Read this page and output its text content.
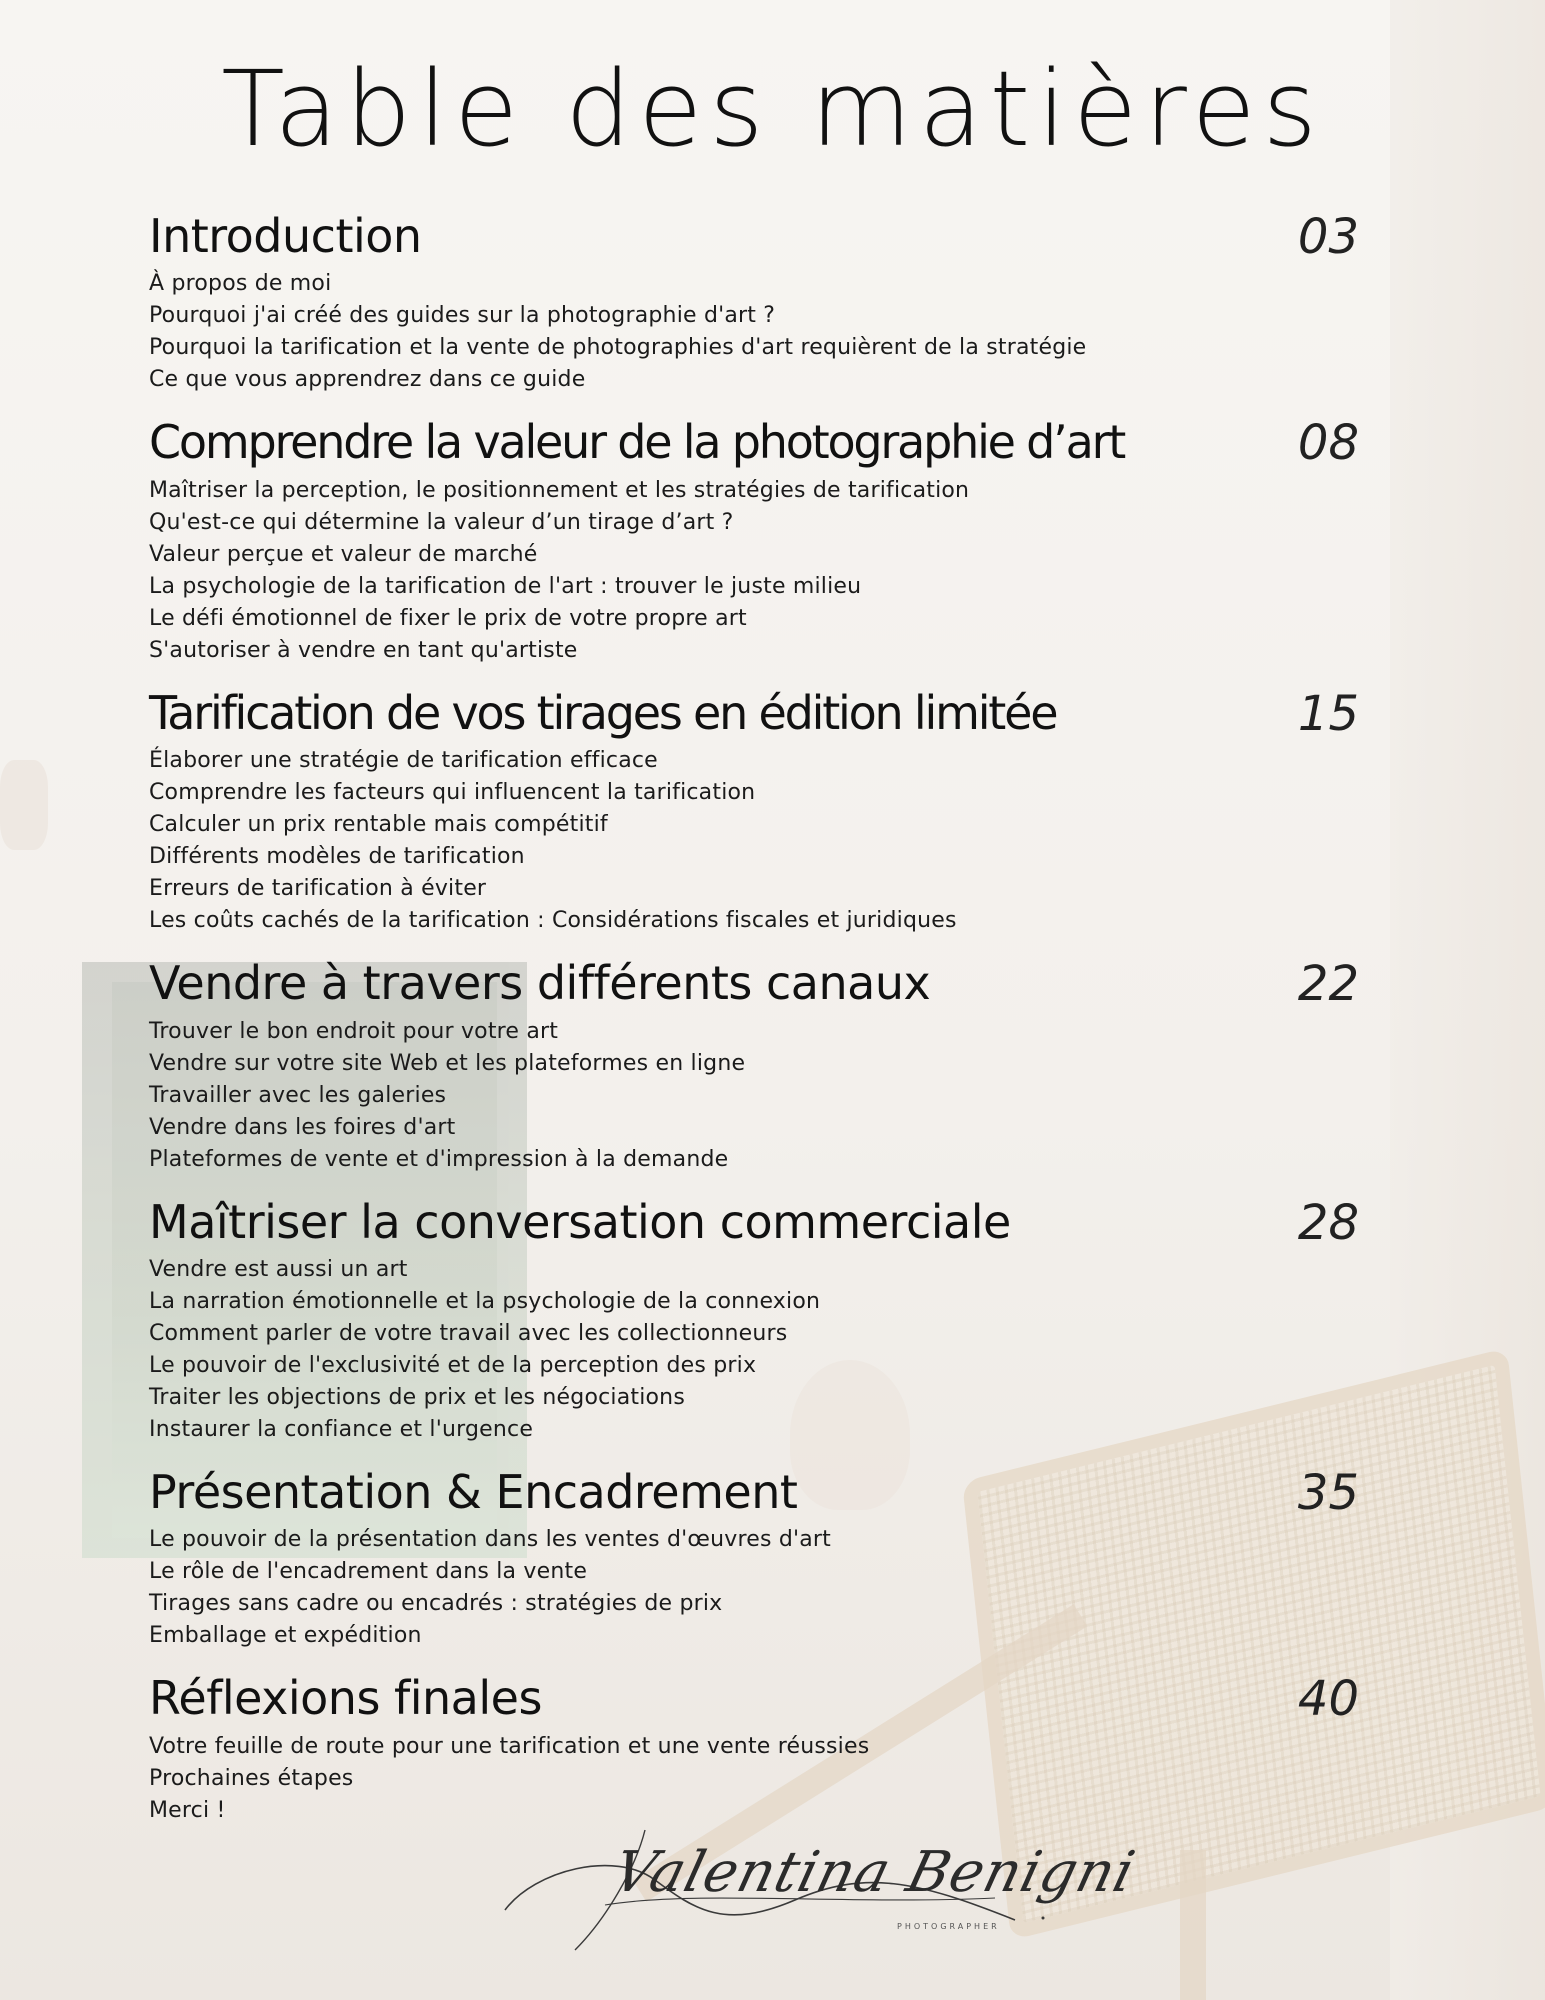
Table des matières
Introduction	03
À propos de moi
Pourquoi j'ai créé des guides sur la photographie d'art ?
Pourquoi la tarification et la vente de photographies d'art requièrent de la stratégie
Ce que vous apprendrez dans ce guide
Comprendre la valeur de la photographie d’art	08
Maîtriser la perception, le positionnement et les stratégies de tarification
Qu'est-ce qui détermine la valeur d’un tirage d’art ?
Valeur perçue et valeur de marché
La psychologie de la tarification de l'art : trouver le juste milieu
Le défi émotionnel de fixer le prix de votre propre art
S'autoriser à vendre en tant qu'artiste
Tarification de vos tirages en édition limitée	15
Élaborer une stratégie de tarification efficace
Comprendre les facteurs qui influencent la tarification
Calculer un prix rentable mais compétitif
Différents modèles de tarification
Erreurs de tarification à éviter
Les coûts cachés de la tarification : Considérations fiscales et juridiques
Vendre à travers différents canaux	22
Trouver le bon endroit pour votre art
Vendre sur votre site Web et les plateformes en ligne
Travailler avec les galeries
Vendre dans les foires d'art
Plateformes de vente et d'impression à la demande
Maîtriser la conversation commerciale	28
Vendre est aussi un art
La narration émotionnelle et la psychologie de la connexion
Comment parler de votre travail avec les collectionneurs
Le pouvoir de l'exclusivité et de la perception des prix
Traiter les objections de prix et les négociations
Instaurer la confiance et l'urgence
Présentation & Encadrement	35
Le pouvoir de la présentation dans les ventes d'œuvres d'art
Le rôle de l'encadrement dans la vente
Tirages sans cadre ou encadrés : stratégies de prix
Emballage et expédition
Réflexions finales	40
Votre feuille de route pour une tarification et une vente réussies
Prochaines étapes
Merci !
Valentina Benigni
PHOTOGRAPHER
